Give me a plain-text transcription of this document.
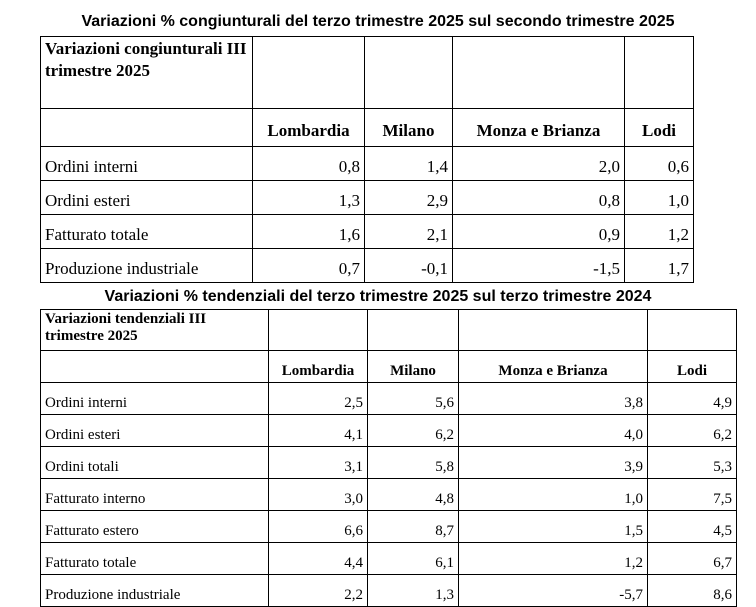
Variazioni % congiunturali del terzo trimestre 2025 sul secondo trimestre 2025
Variazioni congiunturali III trimestre 2025				
	Lombardia	Milano	Monza e Brianza	Lodi
Ordini interni	0,8	1,4	2,0	0,6
Ordini esteri	1,3	2,9	0,8	1,0
Fatturato totale	1,6	2,1	0,9	1,2
Produzione industriale	0,7	-0,1	-1,5	1,7
Variazioni % tendenziali del terzo trimestre 2025 sul terzo trimestre 2024
Variazioni tendenziali III trimestre 2025				
	Lombardia	Milano	Monza e Brianza	Lodi
Ordini interni	2,5	5,6	3,8	4,9
Ordini esteri	4,1	6,2	4,0	6,2
Ordini totali	3,1	5,8	3,9	5,3
Fatturato interno	3,0	4,8	1,0	7,5
Fatturato estero	6,6	8,7	1,5	4,5
Fatturato totale	4,4	6,1	1,2	6,7
Produzione industriale	2,2	1,3	-5,7	8,6
